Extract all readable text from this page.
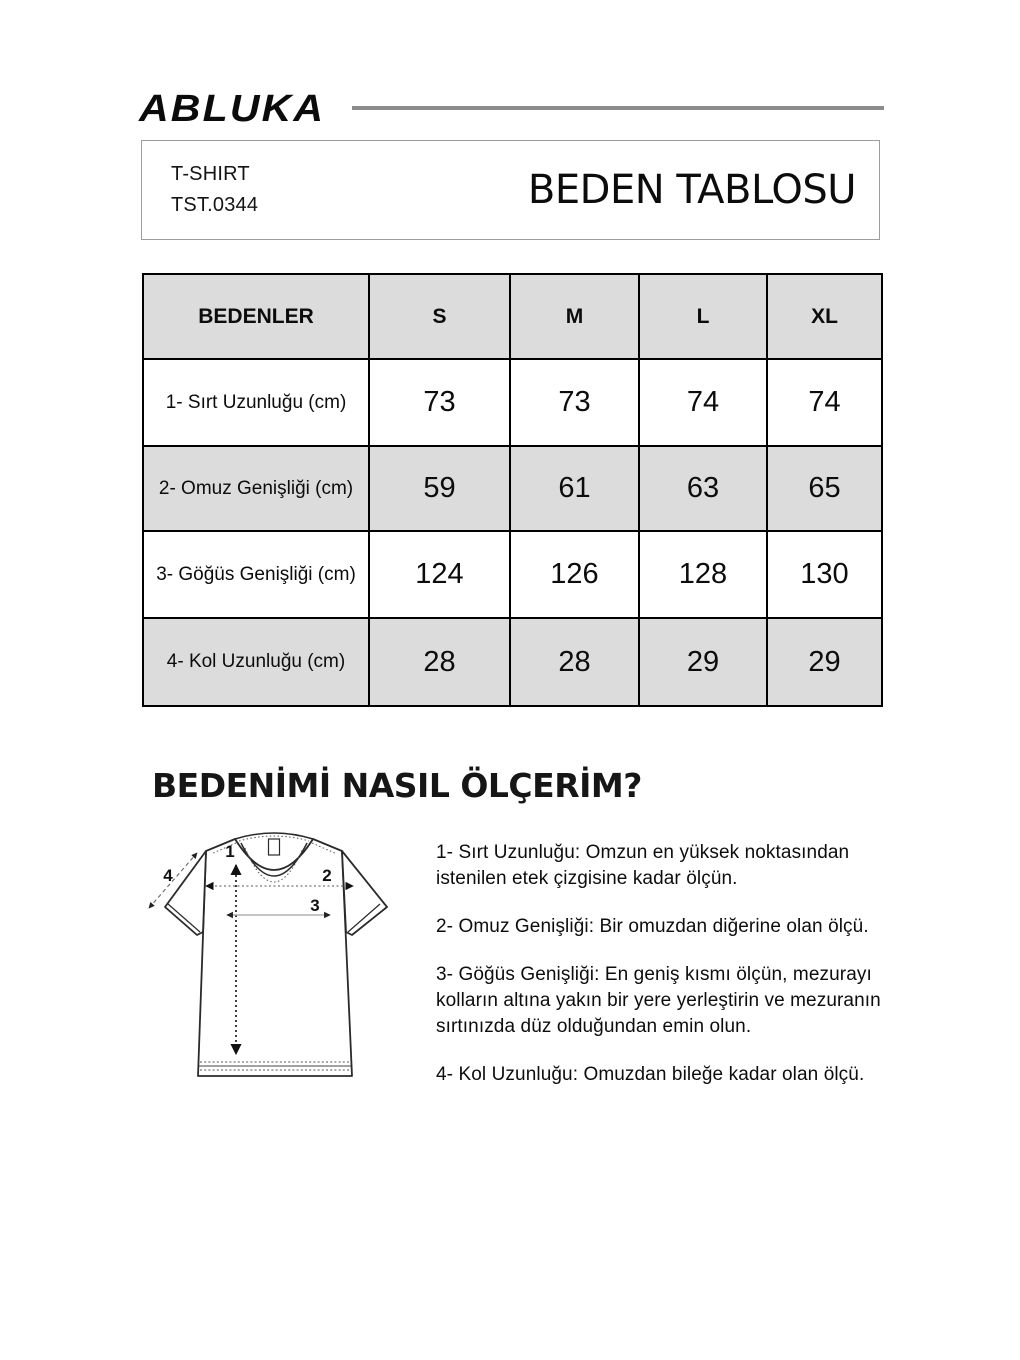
ABLUKA
T-SHIRT
TST.0344	BEDEN TABLOSU
BEDENLER	S	M	L	XL
1- Sırt Uzunluğu (cm)	73	73	74	74
2- Omuz Genişliği (cm)	59	61	63	65
3- Göğüs Genişliği (cm)	124	126	128	130
4- Kol Uzunluğu (cm)	28	28	29	29
BEDENİMİ NASIL ÖLÇERİM?
1
2
3
4
1- Sırt Uzunluğu: Omzun en yüksek noktasından
istenilen etek çizgisine kadar ölçün.
2- Omuz Genişliği: Bir omuzdan diğerine olan ölçü.
3- Göğüs Genişliği: En geniş kısmı ölçün, mezurayı
kolların altına yakın bir yere yerleştirin ve mezuranın
sırtınızda düz olduğundan emin olun.
4- Kol Uzunluğu: Omuzdan bileğe kadar olan ölçü.
